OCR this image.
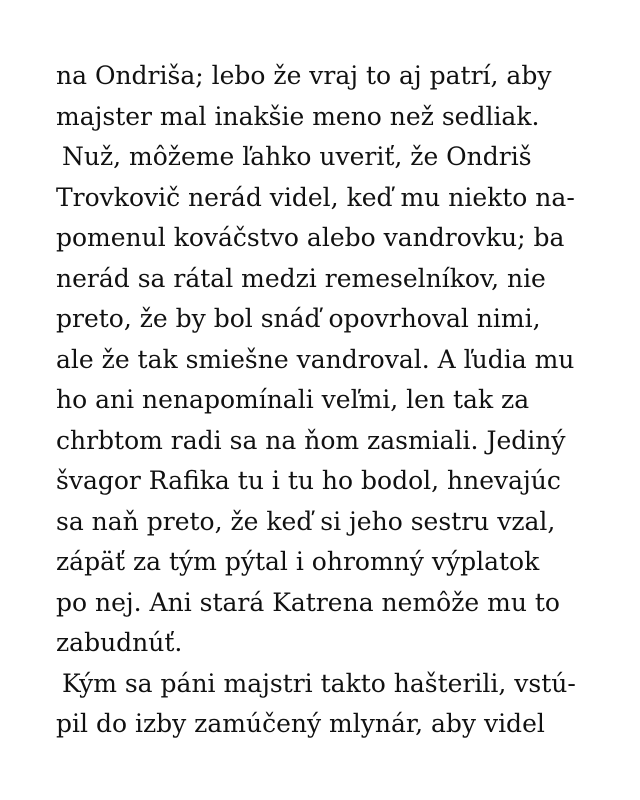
na Ondriša; lebo že vraj to aj patrí, aby
majster mal inakšie meno než sedliak.
Nuž, môžeme ľahko uveriť, že Ondriš
Trovkovič nerád videl, keď mu niekto na-
pomenul kováčstvo alebo vandrovku; ba
nerád sa rátal medzi remeselníkov, nie
preto, že by bol snáď opovrhoval nimi,
ale že tak smiešne vandroval. A ľudia mu
ho ani nenapomínali veľmi, len tak za
chrbtom radi sa na ňom zasmiali. Jediný
švagor Rafika tu i tu ho bodol, hnevajúc
sa naň preto, že keď si jeho sestru vzal,
zápäť za tým pýtal i ohromný výplatok
po nej. Ani stará Katrena nemôže mu to
zabudnúť.
Kým sa páni majstri takto hašterili, vstú-
pil do izby zamúčený mlynár, aby videl
